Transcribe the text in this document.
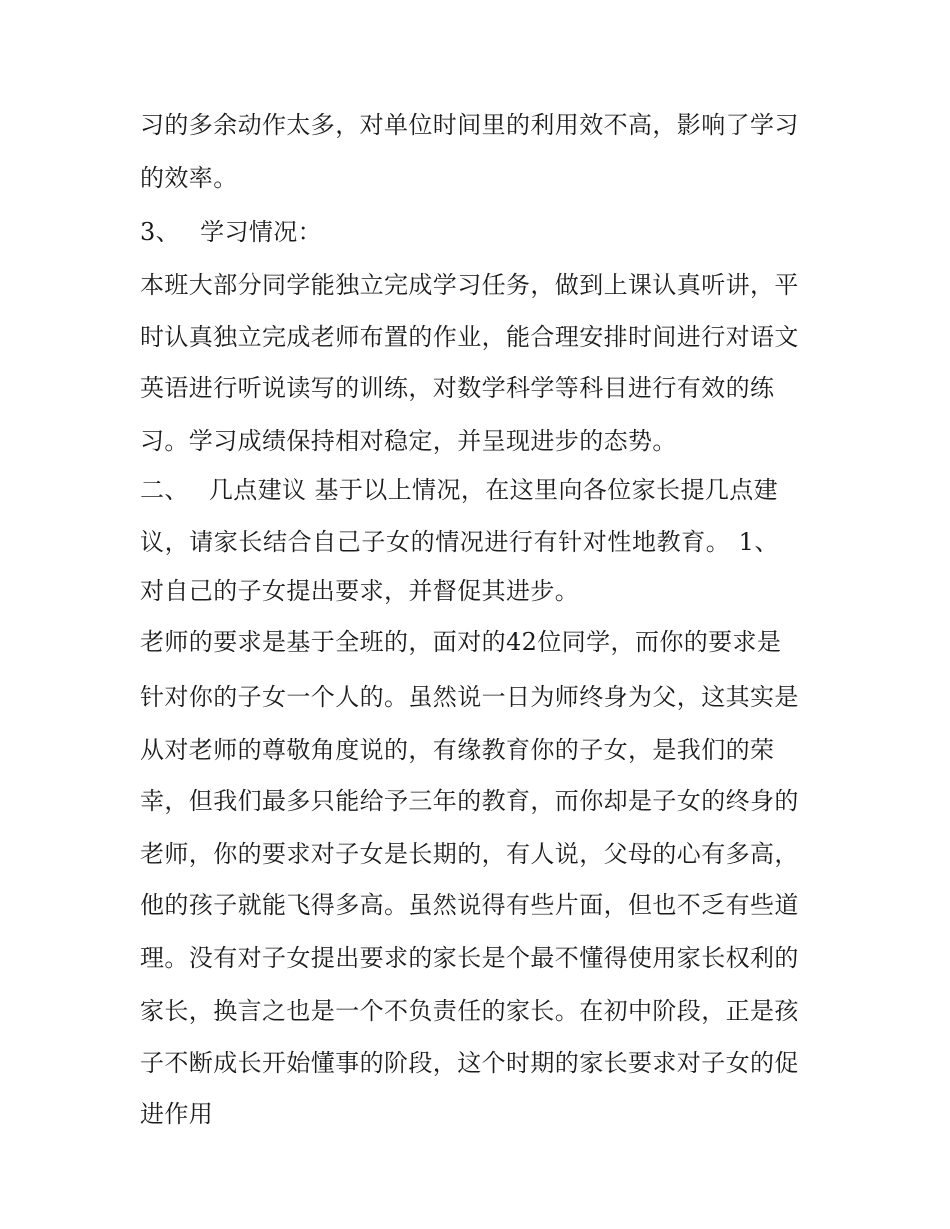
习的多余动作太多，对单位时间里的利用效不高，影响了学习
的效率。
3、 学习情况：
本班大部分同学能独立完成学习任务，做到上课认真听讲，平
时认真独立完成老师布置的作业，能合理安排时间进行对语文
英语进行听说读写的训练，对数学科学等科目进行有效的练
习。学习成绩保持相对稳定，并呈现进步的态势。
二、 几点建议 基于以上情况，在这里向各位家长提几点建
议，请家长结合自己子女的情况进行有针对性地教育。 1、
对自己的子女提出要求，并督促其进步。
老师的要求是基于全班的，面对的42位同学，而你的要求是
针对你的子女一个人的。虽然说一日为师终身为父，这其实是
从对老师的尊敬角度说的，有缘教育你的子女，是我们的荣
幸，但我们最多只能给予三年的教育，而你却是子女的终身的
老师，你的要求对子女是长期的，有人说，父母的心有多高，
他的孩子就能飞得多高。虽然说得有些片面，但也不乏有些道
理。没有对子女提出要求的家长是个最不懂得使用家长权利的
家长，换言之也是一个不负责任的家长。在初中阶段，正是孩
子不断成长开始懂事的阶段，这个时期的家长要求对子女的促
进作用
